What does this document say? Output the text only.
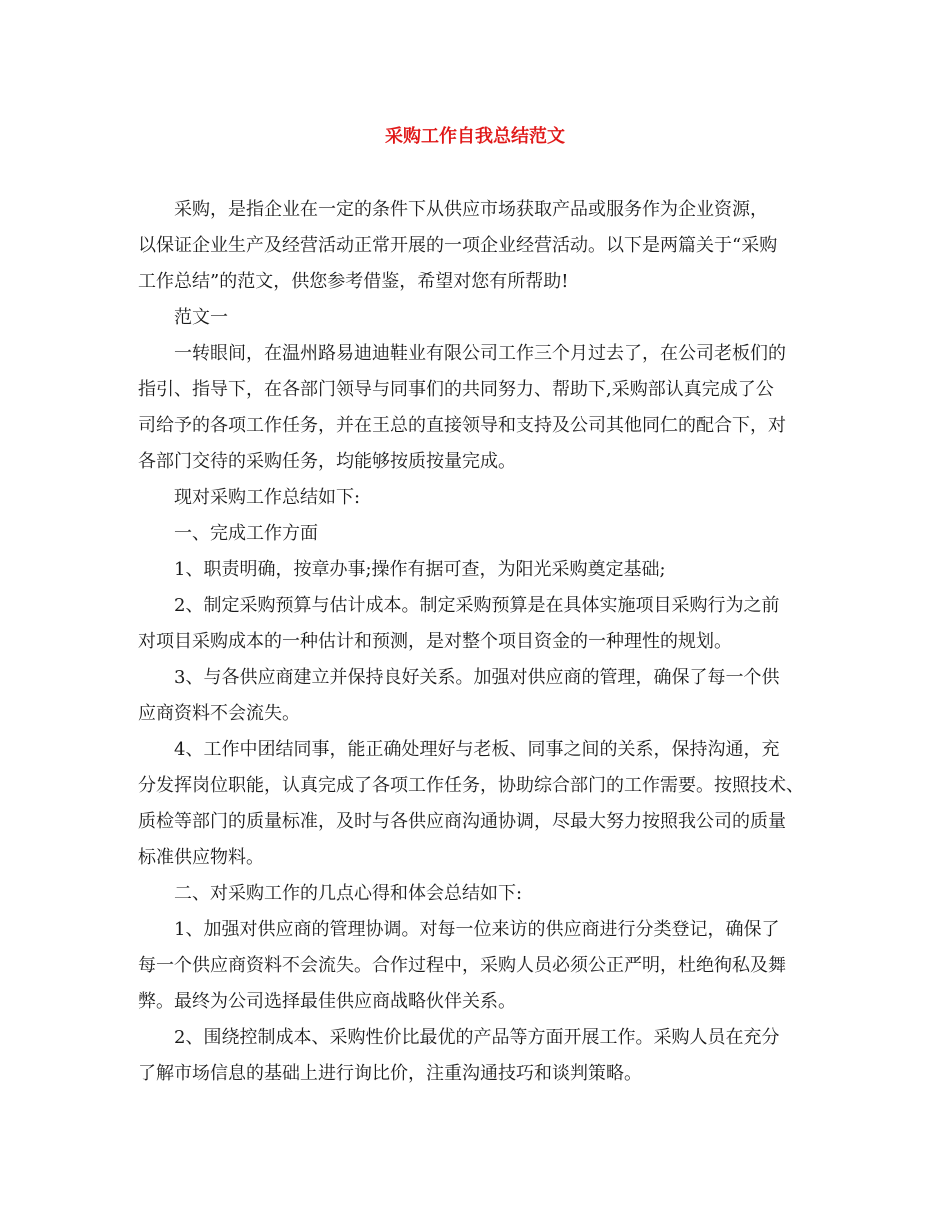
采购工作自我总结范文

采购，是指企业在一定的条件下从供应市场获取产品或服务作为企业资源，

以保证企业生产及经营活动正常开展的一项企业经营活动。以下是两篇关于“采购

工作总结”的范文，供您参考借鉴，希望对您有所帮助!

范文一

一转眼间，在温州路易迪迪鞋业有限公司工作三个月过去了，在公司老板们的

指引、指导下，在各部门领导与同事们的共同努力、帮助下,采购部认真完成了公

司给予的各项工作任务，并在王总的直接领导和支持及公司其他同仁的配合下，对

各部门交待的采购任务，均能够按质按量完成。

现对采购工作总结如下:

一、完成工作方面

1、职责明确，按章办事;操作有据可查，为阳光采购奠定基础;

2、制定采购预算与估计成本。制定采购预算是在具体实施项目采购行为之前

对项目采购成本的一种估计和预测，是对整个项目资金的一种理性的规划。

3、与各供应商建立并保持良好关系。加强对供应商的管理，确保了每一个供

应商资料不会流失。

4、工作中团结同事，能正确处理好与老板、同事之间的关系，保持沟通，充

分发挥岗位职能，认真完成了各项工作任务，协助综合部门的工作需要。按照技术、

质检等部门的质量标准，及时与各供应商沟通协调，尽最大努力按照我公司的质量

标准供应物料。

二、对采购工作的几点心得和体会总结如下:

1、加强对供应商的管理协调。对每一位来访的供应商进行分类登记，确保了

每一个供应商资料不会流失。合作过程中，采购人员必须公正严明，杜绝徇私及舞

弊。最终为公司选择最佳供应商战略伙伴关系。

2、围绕控制成本、采购性价比最优的产品等方面开展工作。采购人员在充分

了解市场信息的基础上进行询比价，注重沟通技巧和谈判策略。
